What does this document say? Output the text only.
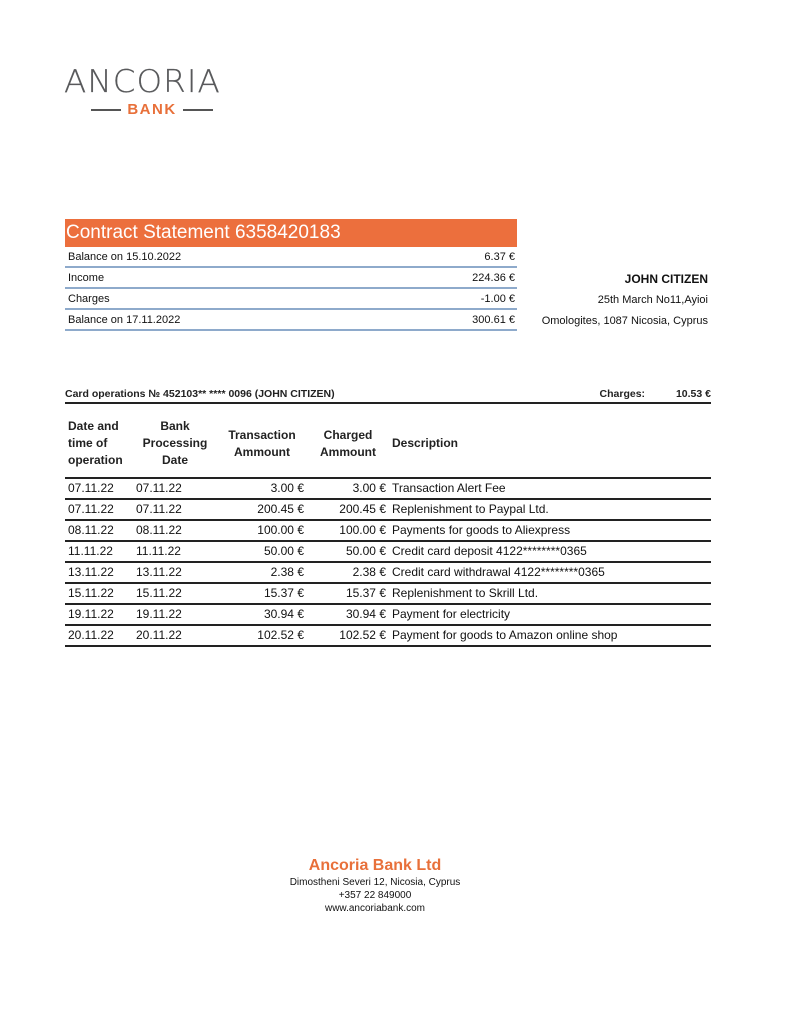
ANCORIA
BANK
Contract Statement 6358420183
Balance on 15.10.2022	6.37 €
Income	224.36 €
Charges	-1.00 €
Balance on 17.11.2022	300.61 €
JOHN CITIZEN
25th March No11,Ayioi
Omologites, 1087 Nicosia, Cyprus
Card operations № 452103** **** 0096 (JOHN CITIZEN)	Charges:	10.53 €
Date and time of operation	Bank Processing Date	Transaction Ammount	Charged Ammount	Description
07.11.22	07.11.22	3.00 €	3.00 €	Transaction Alert Fee
07.11.22	07.11.22	200.45 €	200.45 €	Replenishment to Paypal Ltd.
08.11.22	08.11.22	100.00 €	100.00 €	Payments for goods to Aliexpress
11.11.22	11.11.22	50.00 €	50.00 €	Credit card deposit 4122********0365
13.11.22	13.11.22	2.38 €	2.38 €	Credit card withdrawal 4122********0365
15.11.22	15.11.22	15.37 €	15.37 €	Replenishment to Skrill Ltd.
19.11.22	19.11.22	30.94 €	30.94 €	Payment for electricity
20.11.22	20.11.22	102.52 €	102.52 €	Payment for goods to Amazon online shop
Ancoria Bank Ltd
Dimostheni Severi 12, Nicosia, Cyprus
+357 22 849000
www.ancoriabank.com
